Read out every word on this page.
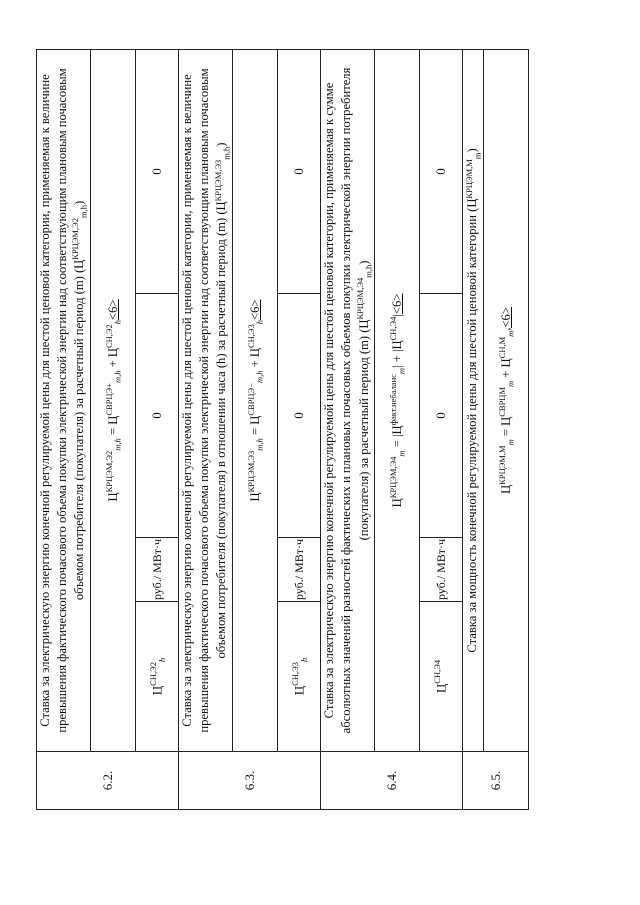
6.2.	Ставка за электрическую энергию конечной регулируемой цены для шестой ценовой категории, применяемая к величине превышения фактического почасового объема покупки электрической энергии над соответствующим плановым почасовым объемом потребителя (покупателя) за расчетный период (m) $(Ц^{КРЦЭМ,Э2}_{m,h})$			
	$Ц^{КРЦЭМ,Э2}_{m,h} = Ц^{СВРЦЭ+}_{m,h} + Ц^{СН,Э2}_h<6>$			
	$Ц^{СН,Э2}_h$	руб./ МВт·ч	0	0
6.3.	Ставка за электрическую энергию конечной регулируемой цены для шестой ценовой категории, применяемая к величине превышения фактического почасового объема покупки электрической энергии над соответствующим плановым почасовым объемом потребителя (покупателя) в отношении часа (h) за расчетный период (m) $(Ц^{КРЦЭМ,Э3}_{m,h})$			
	$Ц^{КРЦЭМ,Э3}_{m,h} = Ц^{СВРЦЭ-}_{m,h} + Ц^{СН,Э3}_h<6>$			
	$Ц^{СН,Э3}_h$	руб./ МВт·ч	0	0
6.4.	Ставка за электрическую энергию конечной регулируемой цены для шестой ценовой категории, применяемая к сумме абсолютных значений разностей фактических и плановых почасовых объемов покупки электрической энергии потребителя (покупателя) за расчетный период (m) $(Ц^{КРЦЭМ,Э4}_{m,h})$			
	$Ц^{КРЦЭМ,Э4}_m = |Ц^{факт.небаланс}_m| + |Ц^{СН,Э4}|<6>$			
	$Ц^{СН,Э4}$	руб./ МВт·ч	0	0
6.5.	Ставка за мощность конечной регулируемой цены для шестой ценовой категории $(Ц^{КРЦЭМ,М}_m)$			
	$Ц^{КРЦЭМ,М}_m = Ц^{СВРЦМ}_m + Ц^{СН,М}_m,<6>$			
